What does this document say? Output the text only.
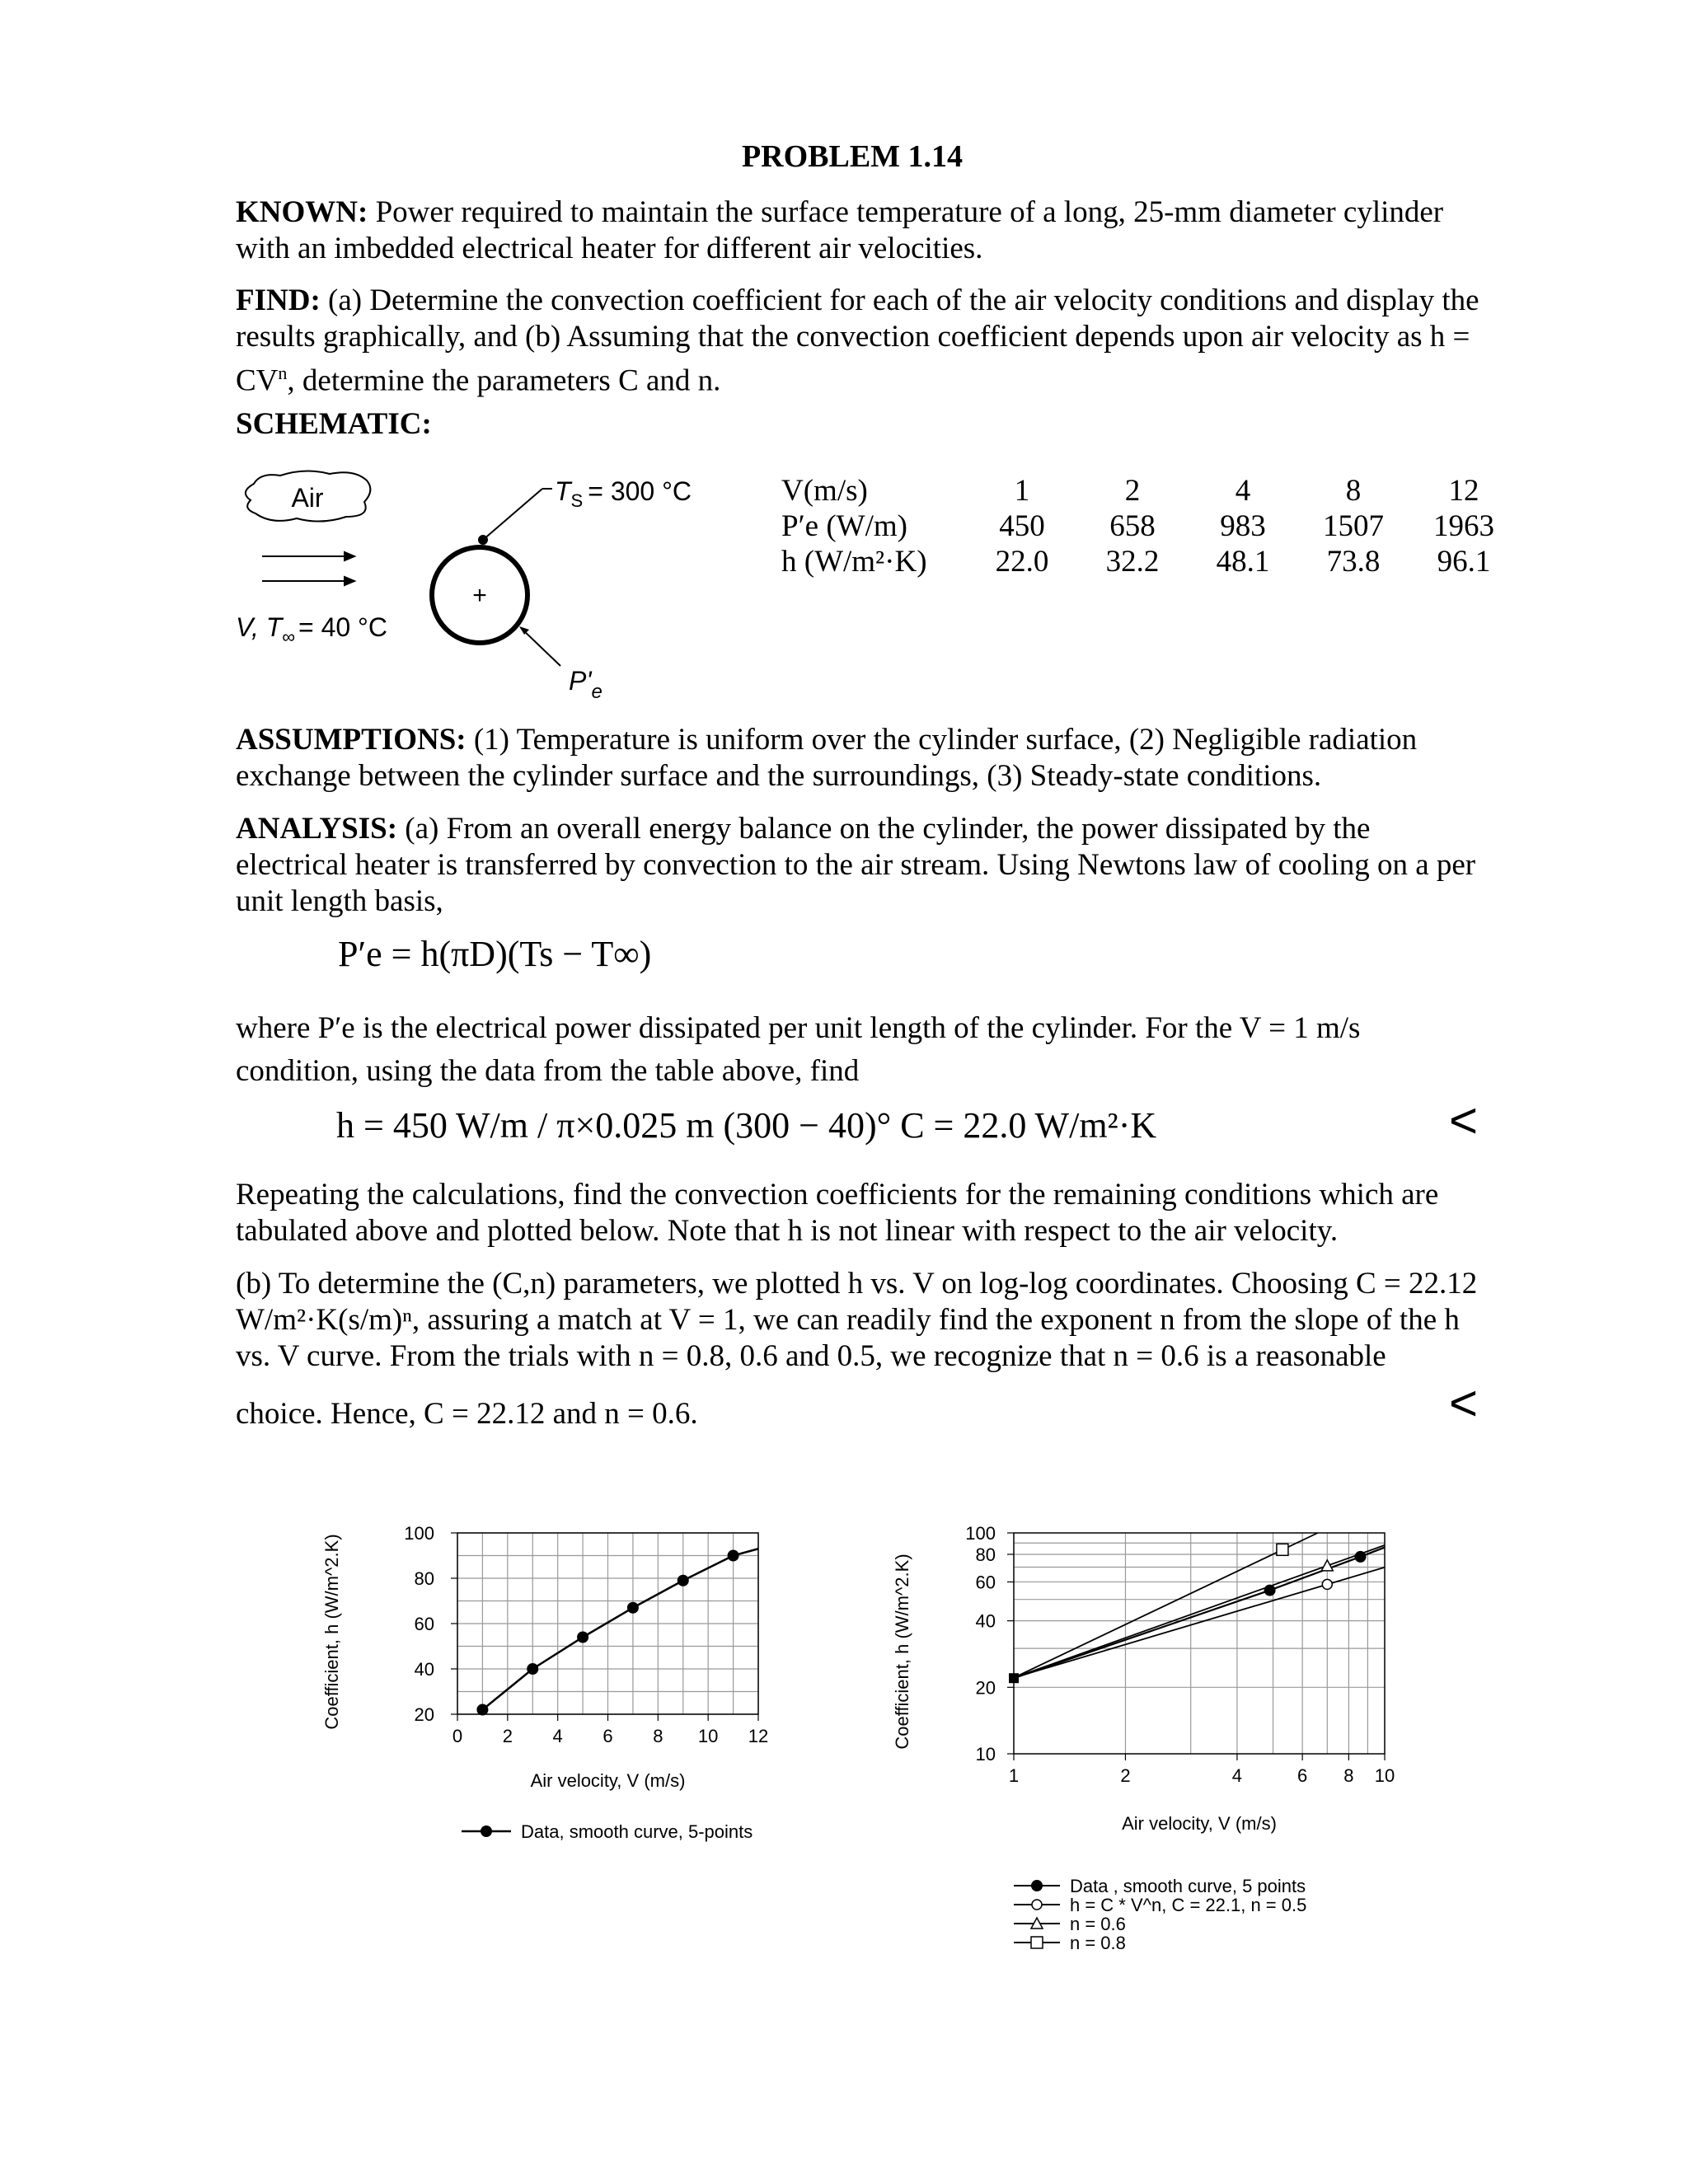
PROBLEM 1.14

KNOWN: Power required to maintain the surface temperature of a long, 25-mm diameter cylinder with an imbedded electrical heater for different air velocities.

FIND: (a) Determine the convection coefficient for each of the air velocity conditions and display the results graphically, and (b) Assuming that the convection coefficient depends upon air velocity as $h = CV^n$, determine the parameters C and n.

SCHEMATIC:
Air
+
$T_S = 300$ °C
$P'_e$
V, $T_\infty = 40$ °C
V(m/s)	1	2	4	8	12
P′e (W/m)	450	658	983	1507	1963
h (W/m²·K)	22.0	32.2	48.1	73.8	96.1

ASSUMPTIONS: (1) Temperature is uniform over the cylinder surface, (2) Negligible radiation exchange between the cylinder surface and the surroundings, (3) Steady-state conditions.

ANALYSIS: (a) From an overall energy balance on the cylinder, the power dissipated by the electrical heater is transferred by convection to the air stream. Using Newtons law of cooling on a per unit length basis,

P′e = h(πD)(Ts − T∞)
where P′e is the electrical power dissipated per unit length of the cylinder. For the V = 1 m/s
condition, using the data from the table above, find
h = 450 W/m / π×0.025 m (300 − 40)° C = 22.0 W/m²·K	<

Repeating the calculations, find the convection coefficients for the remaining conditions which are tabulated above and plotted below. Note that h is not linear with respect to the air velocity.

(b) To determine the (C,n) parameters, we plotted h vs. V on log-log coordinates. Choosing C = 22.12 W/m²·K(s/m)ⁿ, assuring a match at V = 1, we can readily find the exponent n from the slope of the h vs. V curve. From the trials with n = 0.8, 0.6 and 0.5, we recognize that n = 0.6 is a reasonable

choice. Hence, C = 22.12 and n = 0.6.	<
0 2 4 6 8 10 12
20
40
60
80
100
Coefficient, h (W/m^2.K)
Air velocity, V (m/s)
Data, smooth curve, 5-points
1	2	4	6 8 10
10
20
40
60
80
100
Coefficient, h (W/m^2.K)
Air velocity, V (m/s)
Data , smooth curve, 5 points
h = C * V^n, C = 22.1, n = 0.5
n = 0.6
n = 0.8
